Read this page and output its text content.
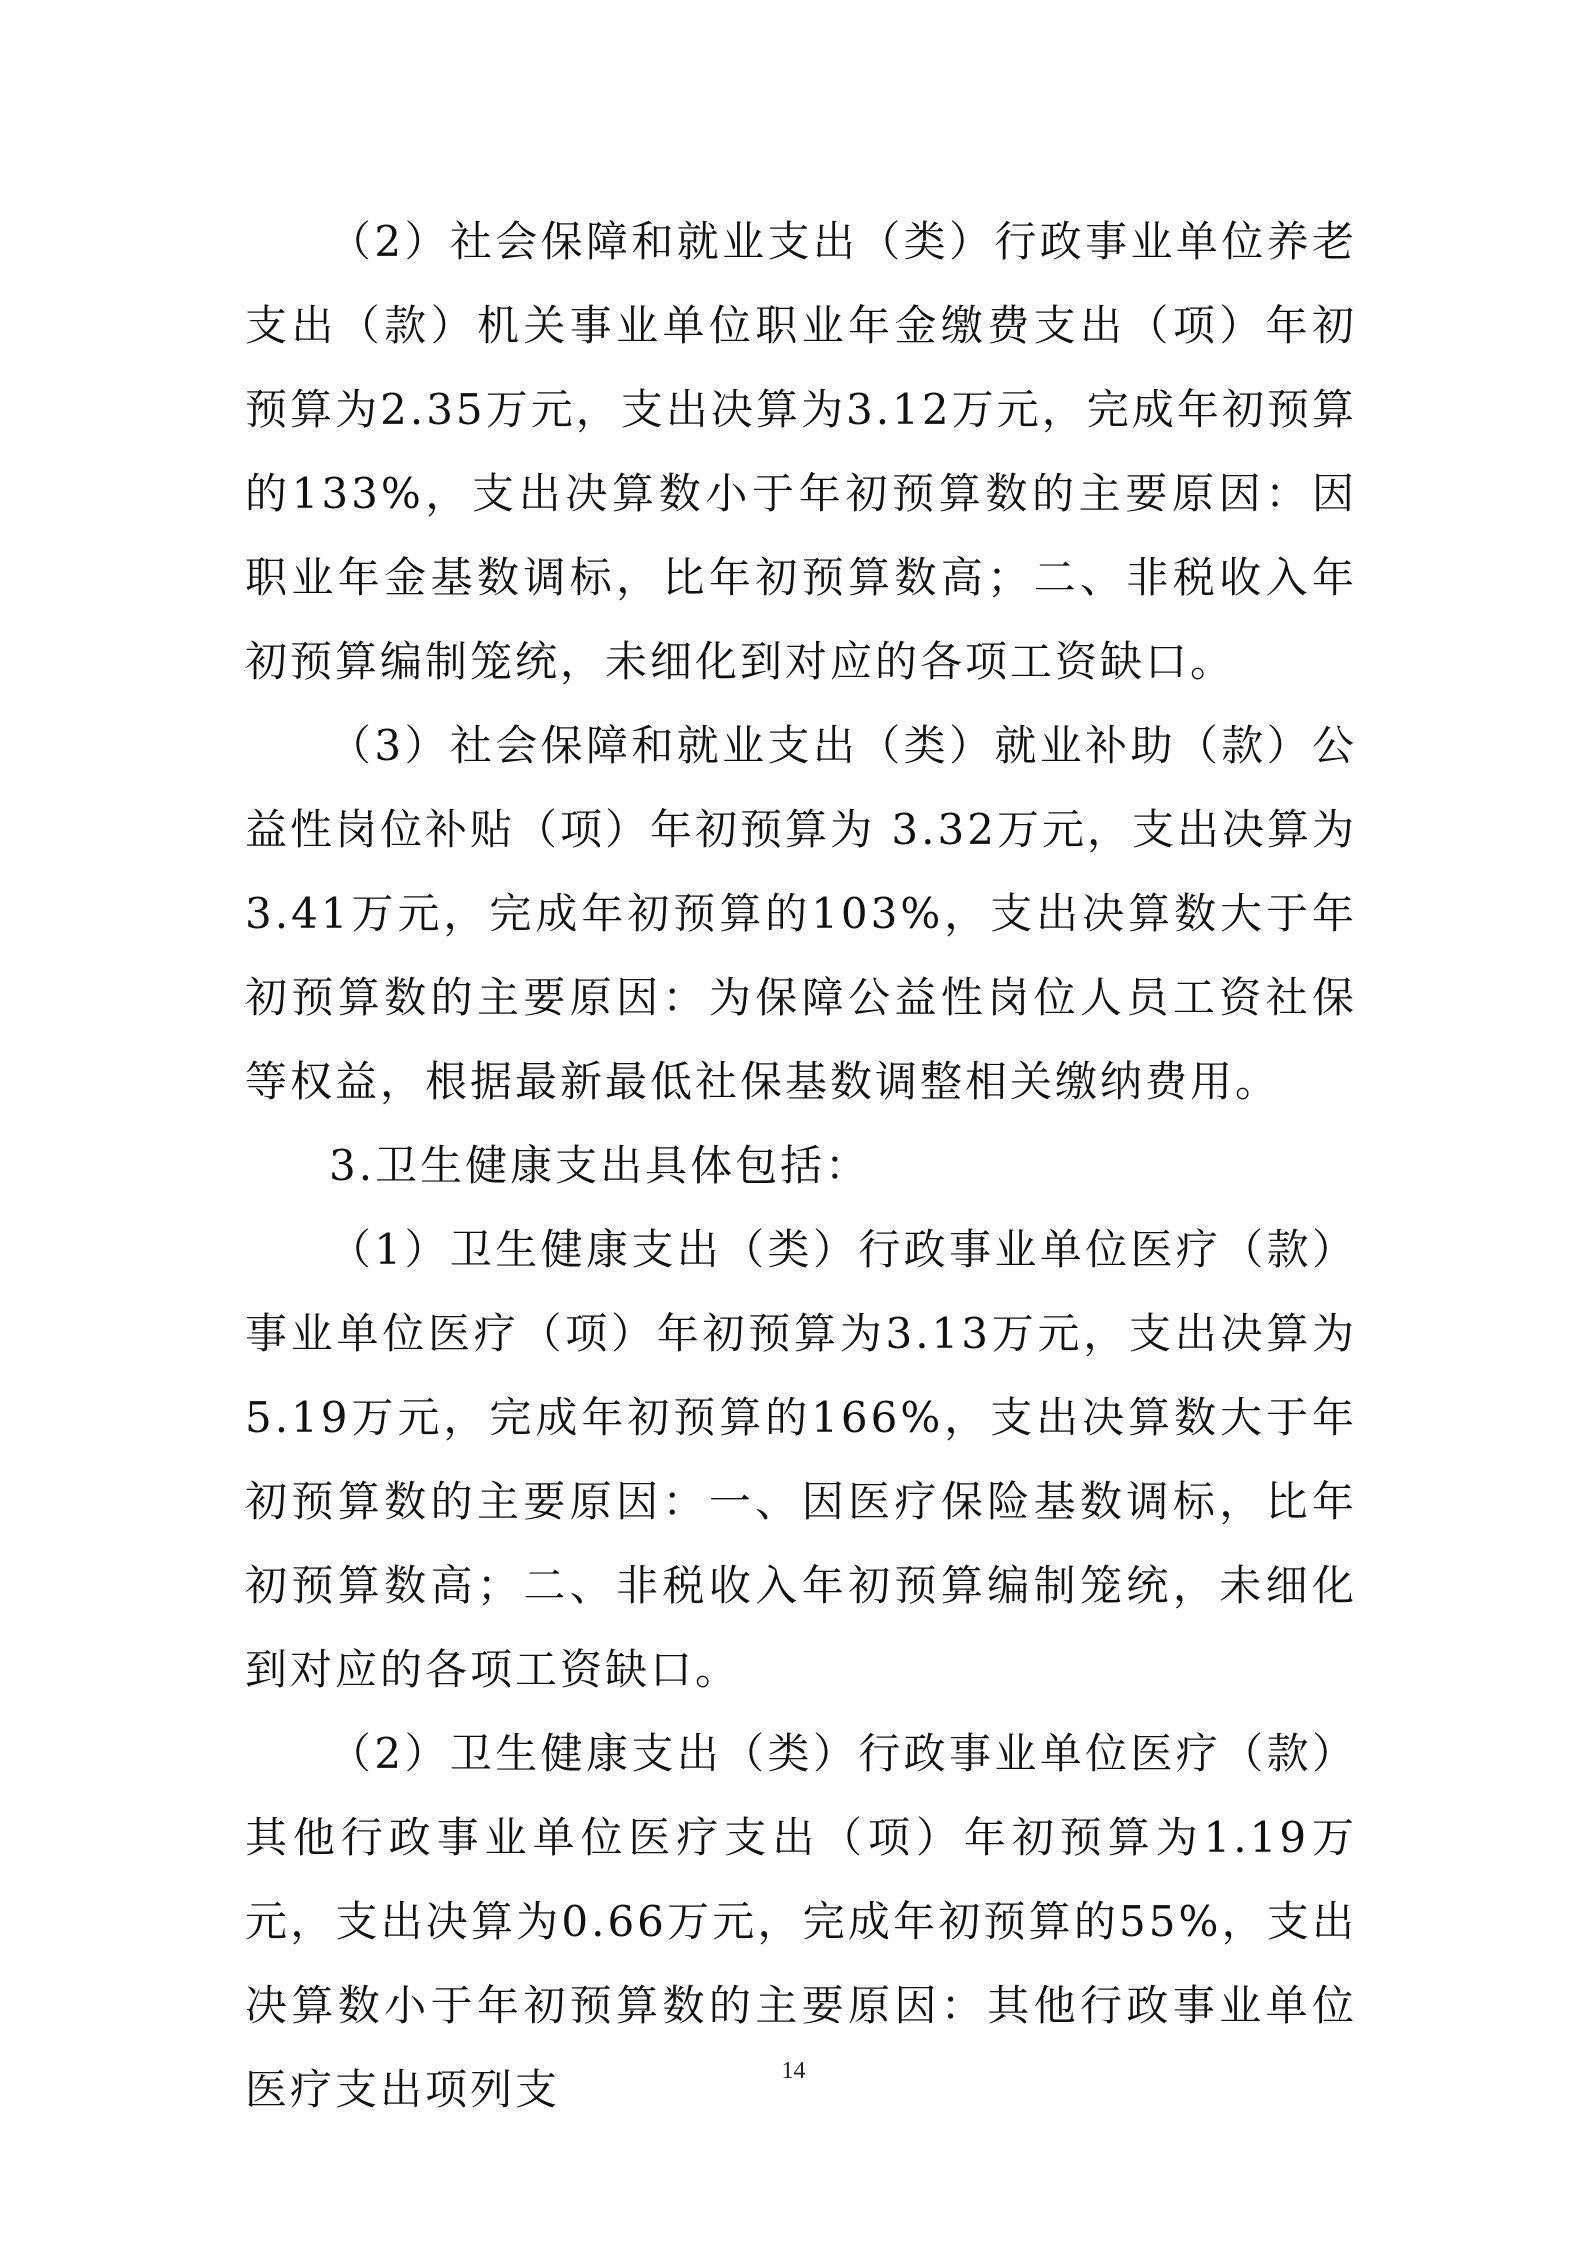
（2）社会保障和就业支出（类）行政事业单位养老支出（款）机关事业单位职业年金缴费支出（项）年初预算为2.35万元，支出决算为3.12万元，完成年初预算的133%，支出决算数小于年初预算数的主要原因：因职业年金基数调标，比年初预算数高；二、非税收入年初预算编制笼统，未细化到对应的各项工资缺口。

（3）社会保障和就业支出（类）就业补助（款）公益性岗位补贴（项）年初预算为 3.32万元，支出决算为3.41万元，完成年初预算的103%，支出决算数大于年初预算数的主要原因：为保障公益性岗位人员工资社保等权益，根据最新最低社保基数调整相关缴纳费用。

3.卫生健康支出具体包括：

（1）卫生健康支出（类）行政事业单位医疗（款）事业单位医疗（项）年初预算为3.13万元，支出决算为5.19万元，完成年初预算的166%，支出决算数大于年初预算数的主要原因：一、因医疗保险基数调标，比年初预算数高；二、非税收入年初预算编制笼统，未细化到对应的各项工资缺口。

（2）卫生健康支出（类）行政事业单位医疗（款）其他行政事业单位医疗支出（项）年初预算为1.19万元，支出决算为0.66万元，完成年初预算的55%，支出决算数小于年初预算数的主要原因：其他行政事业单位医疗支出项列支	14
